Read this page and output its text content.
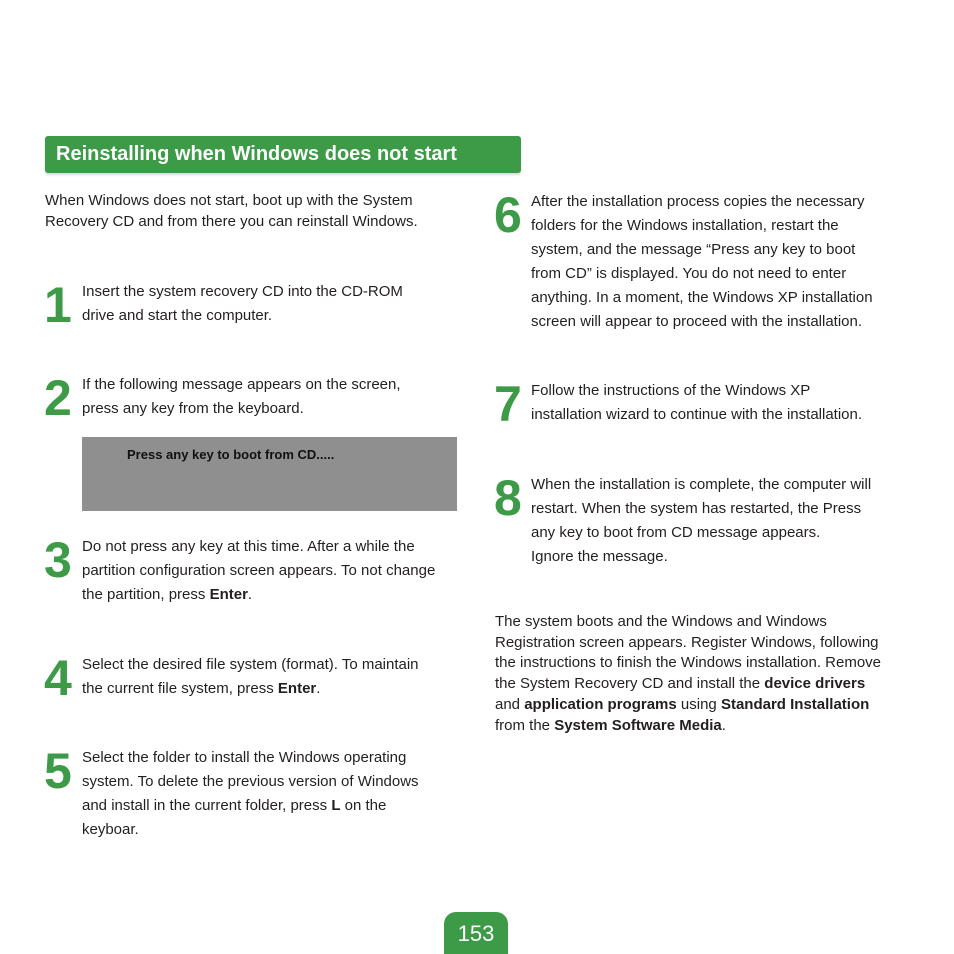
Reinstalling when Windows does not start
When Windows does not start, boot up with the System
Recovery CD and from there you can reinstall Windows.
1 Insert the system recovery CD into the CD-ROM
drive and start the computer.
2 If the following message appears on the screen,
press any key from the keyboard.
Press any key to boot from CD.....
3 Do not press any key at this time. After a while the
partition configuration screen appears. To not change
the partition, press Enter.
4 Select the desired file system (format). To maintain
the current file system, press Enter.
5 Select the folder to install the Windows operating
system. To delete the previous version of Windows
and install in the current folder, press L on the
keyboar.
6 After the installation process copies the necessary
folders for the Windows installation, restart the
system, and the message “Press any key to boot
from CD” is displayed. You do not need to enter
anything. In a moment, the Windows XP installation
screen will appear to proceed with the installation.
7 Follow the instructions of the Windows XP
installation wizard to continue with the installation.
8 When the installation is complete, the computer will
restart. When the system has restarted, the Press
any key to boot from CD message appears.
Ignore the message.
The system boots and the Windows and Windows
Registration screen appears. Register Windows, following
the instructions to finish the Windows installation. Remove
the System Recovery CD and install the device drivers
and application programs using Standard Installation
from the System Software Media.
153
